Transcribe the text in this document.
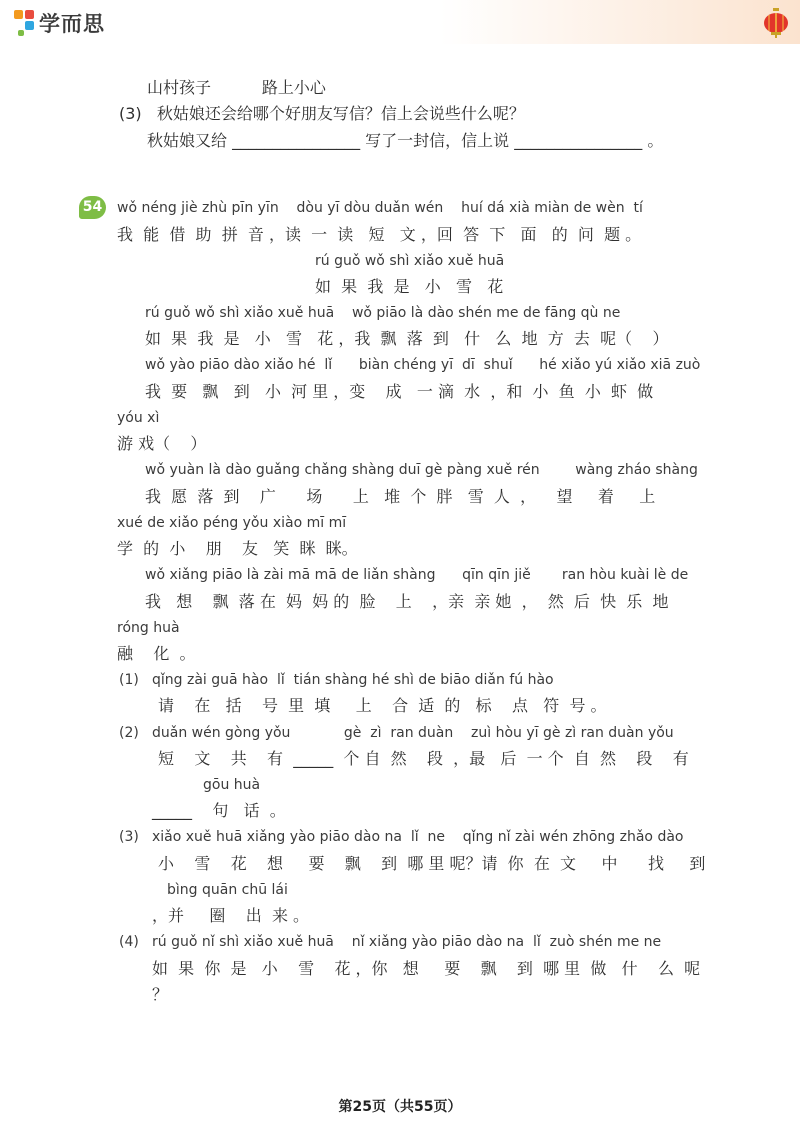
学而思
山村孩子          路上小心
(3)   秋姑娘还会给哪个好朋友写信？信上会说些什么呢？
秋姑娘又给 ________________ 写了一封信，信上说 ________________ 。
54 wǒ néng jiè zhù pīn yīn    dòu yī dòu duǎn wén    huí dá xià miàn de wèn  tí
我  能  借  助  拼  音 ，读  一  读   短   文 ，回  答  下   面   的  问  题 。
rú guǒ wǒ shì xiǎo xuě huā
如  果  我  是   小   雪   花
rú guǒ wǒ shì xiǎo xuě huā    wǒ piāo là dào shén me de fāng qù ne
如  果  我  是   小   雪   花 ，我  飘  落  到   什   么  地  方  去  呢（    ）
wǒ yào piāo dào xiǎo hé  lǐ      biàn chéng yī  dī  shuǐ      hé xiǎo yú xiǎo xiā zuò
我  要   飘   到   小  河 里 ，变    成   一 滴  水  ，和  小  鱼  小  虾  做
yóu xì
游 戏（    ）
wǒ yuàn là dào guǎng chǎng shàng duī gè pàng xuě rén        wàng zháo shàng
我  愿  落  到    广      场      上   堆  个  胖   雪  人  ，    望     着     上
xué de xiǎo péng yǒu xiào mī mī
学  的  小    朋    友   笑  眯  眯。
wǒ xiǎng piāo là zài mā mā de liǎn shàng      qīn qīn jiě       ran hòu kuài lè de
我   想    飘  落 在  妈  妈 的  脸    上    ，亲  亲 她  ，  然  后  快  乐  地
róng huà
融    化  。
(1) qǐng zài guā hào  lǐ  tián shàng hé shì de biāo diǎn fú hào
请    在   括    号  里  填     上    合  适  的   标    点   符  号 。
(2) duǎn wén gòng yǒu            gè  zì  ran duàn    zuì hòu yī gè zì ran duàn yǒu
短    文    共    有  _____  个 自  然    段  ，最   后  一 个  自  然    段    有
gōu huà
_____    句   话  。
(3) xiǎo xuě huā xiǎng yào piāo dào na  lǐ  ne    qǐng nǐ zài wén zhōng zhǎo dào
小    雪    花    想     要    飘    到  哪 里 呢？请  你  在  文     中      找     到
bìng quān chū lái
，并     圈    出  来 。
(4) rú guǒ nǐ shì xiǎo xuě huā    nǐ xiǎng yào piāo dào na  lǐ  zuò shén me ne
如  果  你  是   小    雪    花 ，你   想     要    飘    到  哪 里  做   什    么  呢
？
第25页（共55页）
